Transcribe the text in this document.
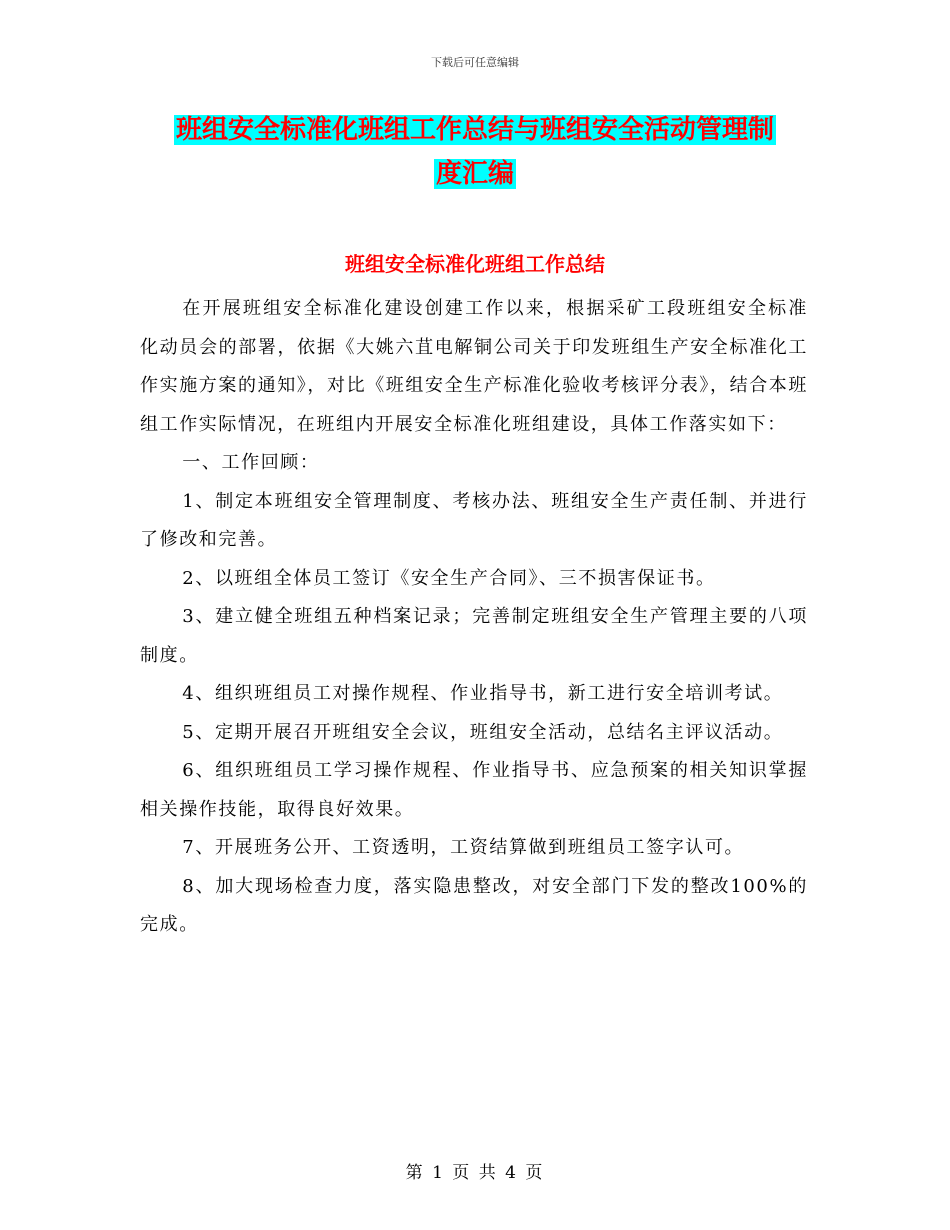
下载后可任意编辑
班组安全标准化班组工作总结与班组安全活动管理制
度汇编
班组安全标准化班组工作总结

在开展班组安全标准化建设创建工作以来，根据采矿工段班组安全标准化动员会的部署，依据《大姚六苴电解铜公司关于印发班组生产安全标准化工作实施方案的通知》，对比《班组安全生产标准化验收考核评分表》，结合本班组工作实际情况，在班组内开展安全标准化班组建设，具体工作落实如下：

一、工作回顾：

1、制定本班组安全管理制度、考核办法、班组安全生产责任制、并进行了修改和完善。

2、以班组全体员工签订《安全生产合同》、三不损害保证书。

3、建立健全班组五种档案记录；完善制定班组安全生产管理主要的八项制度。

4、组织班组员工对操作规程、作业指导书，新工进行安全培训考试。

5、定期开展召开班组安全会议，班组安全活动，总结名主评议活动。

6、组织班组员工学习操作规程、作业指导书、应急预案的相关知识掌握相关操作技能，取得良好效果。

7、开展班务公开、工资透明，工资结算做到班组员工签字认可。

8、加大现场检查力度，落实隐患整改，对安全部门下发的整改100%的完成。

第 1 页 共 4 页
